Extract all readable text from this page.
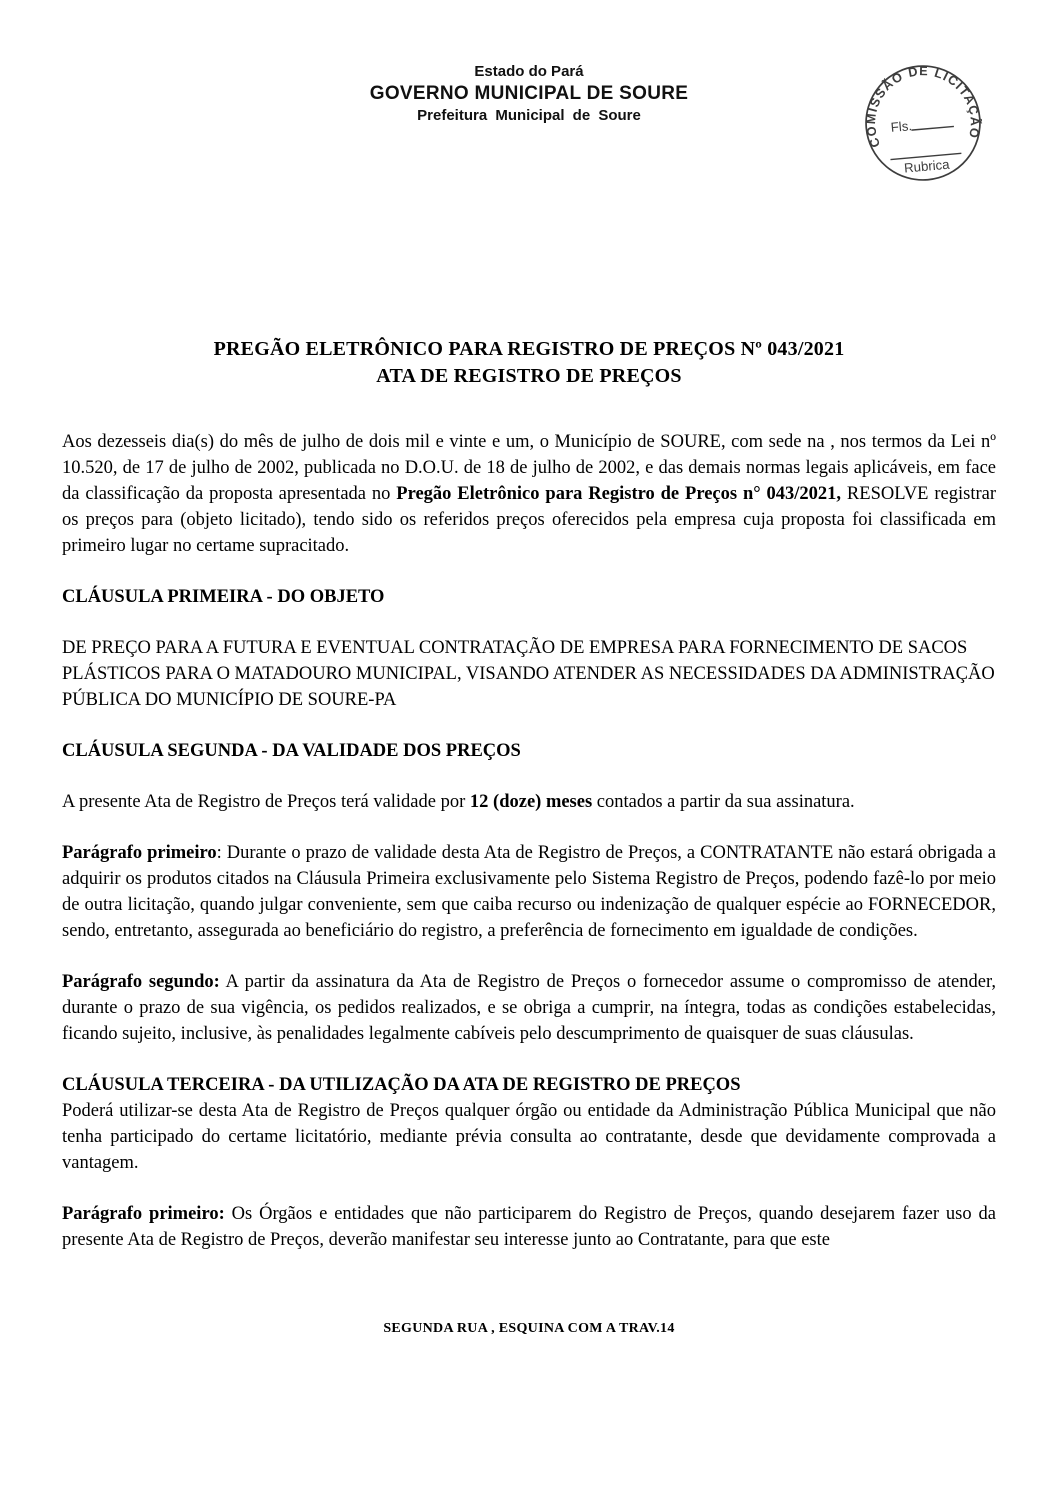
Estado do Pará
GOVERNO MUNICIPAL DE SOURE
Prefeitura Municipal de Soure
COMISSÃO DE LICITAÇÃO
Fls.
Rubrica
PREGÃO ELETRÔNICO PARA REGISTRO DE PREÇOS Nº 043/2021
ATA DE REGISTRO DE PREÇOS

Aos dezesseis dia(s) do mês de julho de dois mil e vinte e um, o Município de SOURE, com sede na , nos termos da Lei nº 10.520, de 17 de julho de 2002, publicada no D.O.U. de 18 de julho de 2002, e das demais normas legais aplicáveis, em face da classificação da proposta apresentada no Pregão Eletrônico para Registro de Preços n° 043/2021, RESOLVE registrar os preços para (objeto licitado), tendo sido os referidos preços oferecidos pela empresa cuja proposta foi classificada em primeiro lugar no certame supracitado.

CLÁUSULA PRIMEIRA - DO OBJETO

DE PREÇO PARA A FUTURA E EVENTUAL CONTRATAÇÃO DE EMPRESA PARA FORNECIMENTO DE SACOS PLÁSTICOS PARA O MATADOURO MUNICIPAL, VISANDO ATENDER AS NECESSIDADES DA ADMINISTRAÇÃO PÚBLICA DO MUNICÍPIO DE SOURE-PA

CLÁUSULA SEGUNDA - DA VALIDADE DOS PREÇOS

A presente Ata de Registro de Preços terá validade por 12 (doze) meses contados a partir da sua assinatura.

Parágrafo primeiro: Durante o prazo de validade desta Ata de Registro de Preços, a CONTRATANTE não estará obrigada a adquirir os produtos citados na Cláusula Primeira exclusivamente pelo Sistema Registro de Preços, podendo fazê-lo por meio de outra licitação, quando julgar conveniente, sem que caiba recurso ou indenização de qualquer espécie ao FORNECEDOR, sendo, entretanto, assegurada ao beneficiário do registro, a preferência de fornecimento em igualdade de condições.

Parágrafo segundo: A partir da assinatura da Ata de Registro de Preços o fornecedor assume o compromisso de atender, durante o prazo de sua vigência, os pedidos realizados, e se obriga a cumprir, na íntegra, todas as condições estabelecidas, ficando sujeito, inclusive, às penalidades legalmente cabíveis pelo descumprimento de quaisquer de suas cláusulas.

CLÁUSULA TERCEIRA - DA UTILIZAÇÃO DA ATA DE REGISTRO DE PREÇOS

Poderá utilizar-se desta Ata de Registro de Preços qualquer órgão ou entidade da Administração Pública Municipal que não tenha participado do certame licitatório, mediante prévia consulta ao contratante, desde que devidamente comprovada a vantagem.

Parágrafo primeiro: Os Órgãos e entidades que não participarem do Registro de Preços, quando desejarem fazer uso da presente Ata de Registro de Preços, deverão manifestar seu interesse junto ao Contratante, para que este

SEGUNDA RUA , ESQUINA COM A TRAV.14
